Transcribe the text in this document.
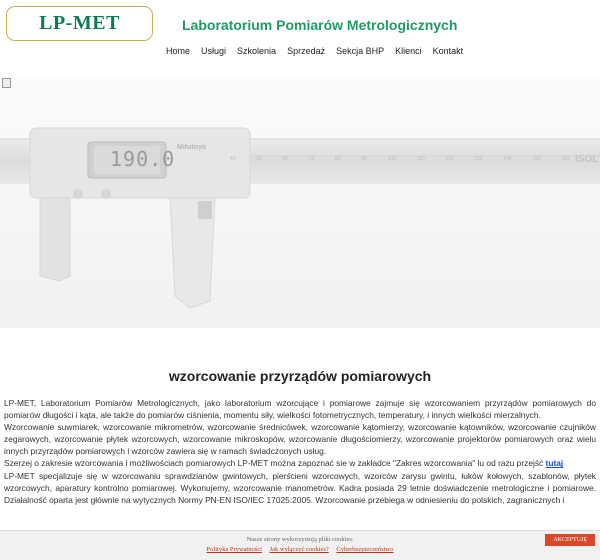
LP-MET	Laboratorium Pomiarów Metrologicznych
Home	Usługi	Szkolenia	Sprzedaż	Sekcja BHP	Klienci	Kontakt
190.0 Mitutoyo
ISOL
40	50	60	70	80	90	100	110	120	130	140	150	160
wzorcowanie przyrządów pomiarowych

LP-MET, Laboratorium Pomiarów Metrologicznych, jako laboratorium wzorcujące i pomiarowe zajmuje się wzorcowaniem przyrządów pomiarowych do pomiarów długości i kąta, ale także do pomiarów ciśnienia, momentu siły, wielkości fotometrycznych, temperatury, i innych wielkości mierzalnych.

Wzorcowanie suwmiarek, wzorcowanie mikrometrów, wzorcowanie średnicówek, wzorcowanie kątomierzy, wzorcowanie kątowników, wzorcowanie czujników zegarowych, wzorcowanie płytek wzorcowych, wzorcowanie mikroskopów, wzorcowanie długościomierzy, wzorcowanie projektorów pomiarowych oraz wielu innych przyrządów pomiarowych i wzorców zawiera się w ramach świadczonych usług.

Szerzej o zakresie wzorcowania i możliwościach pomiarowych LP-MET można zapoznać sie w zakładce "Zakres wzorcowania" lu od razu przejść tutaj

LP-MET specjalizuje się w wzorcowaniu sprawdzianów gwintowych, pierścieni wzorcowych, wzorców zarysu gwintu, łuków kołowych, szablonów, płytek wzorcowych, aparatury kontrolno pomiarowej. Wykonujemy, wzorcowanie manometrów. Kadra posiada 29 letnie doświadczenie metrologiczne i pomiarowe. Działalność oparta jest głównie na wytycznych Normy PN-EN ISO/IEC 17025:2005. Wzorcowanie przebiega w odniesieniu do polskich, zagranicznych i

Nasze strony wykorzystują pliki cookies.
Polityka Prywatności Jak wyłączyć cookies? Cyberbezpieczeństwo
AKCEPTUJĘ
